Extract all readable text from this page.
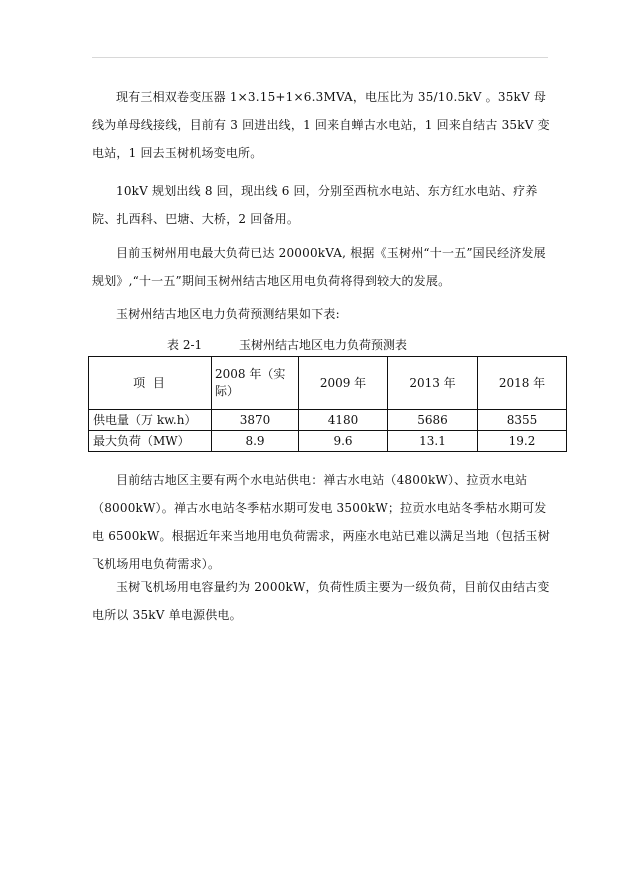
现有三相双卷变压器 1×3.15+1×6.3MVA，电压比为 35/10.5kV 。35kV 母线为单母线接线，目前有 3 回进出线，1 回来自蝉古水电站，1 回来自结古 35kV 变电站，1 回去玉树机场变电所。

10kV 规划出线 8 回，现出线 6 回，分别至西杭水电站、东方红水电站、疗养院、扎西科、巴塘、大桥，2 回备用。

目前玉树州用电最大负荷已达 20000kVA, 根据《玉树州“十一五”国民经济发展规划》,“十一五”期间玉树州结古地区用电负荷将得到较大的发展。

玉树州结古地区电力负荷预测结果如下表:

表 2-1	玉树州结古地区电力负荷预测表
项 目	2008 年（实际）	2009 年	2013 年	2018 年
供电量（万 kw.h）	3870	4180	5686	8355
最大负荷（MW）	8.9	9.6	13.1	19.2

目前结古地区主要有两个水电站供电：禅古水电站（4800kW）、拉贡水电站（8000kW）。禅古水电站冬季枯水期可发电 3500kW；拉贡水电站冬季枯水期可发电 6500kW。根据近年来当地用电负荷需求，两座水电站已难以满足当地（包括玉树飞机场用电负荷需求）。

玉树飞机场用电容量约为 2000kW，负荷性质主要为一级负荷，目前仅由结古变电所以 35kV 单电源供电。
